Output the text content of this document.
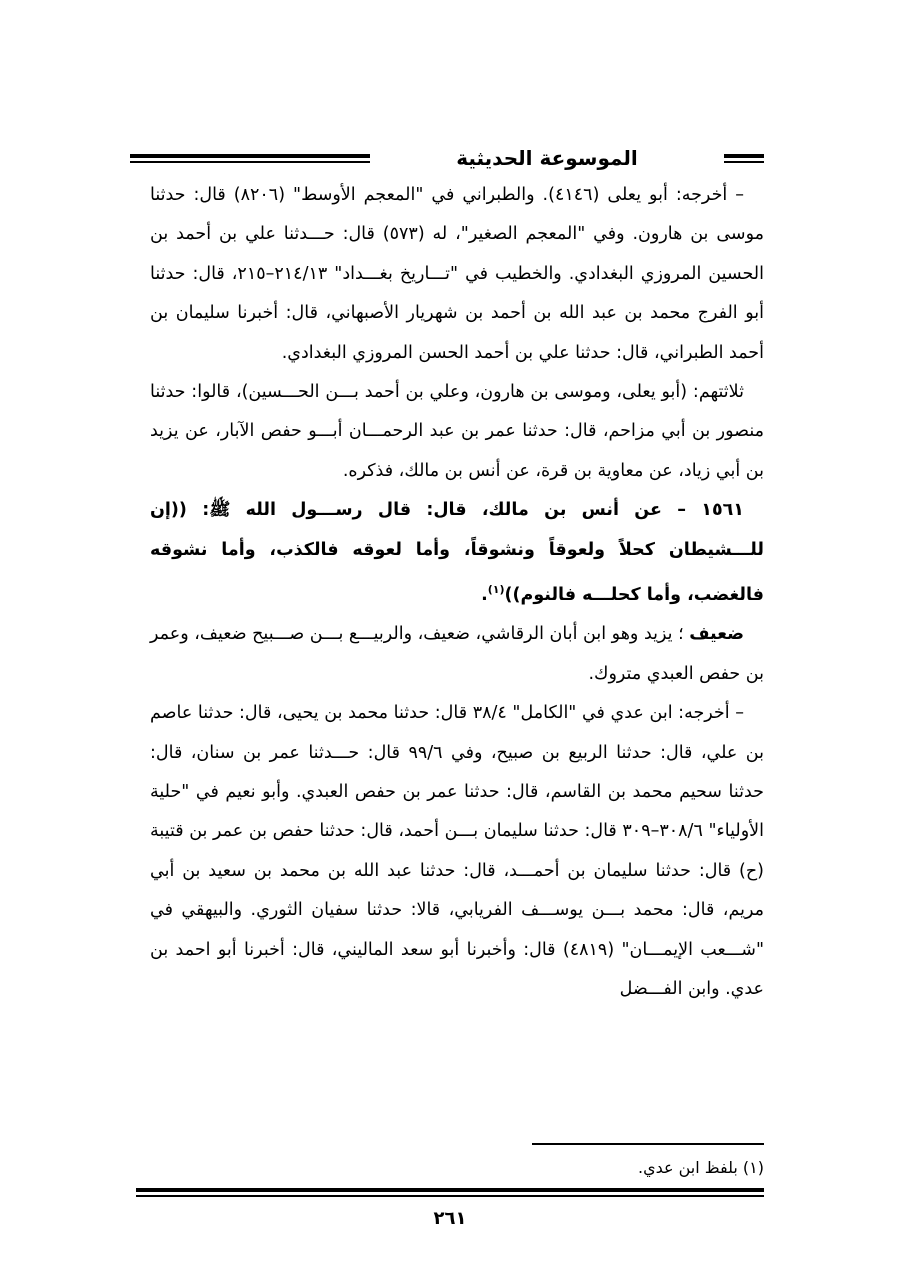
الموسوعة الحديثية

– أخرجه: أبو يعلى (٤١٤٦). والطبراني في "المعجم الأوسط" (٨٢٠٦) قال: حدثنا موسى بن هارون. وفي "المعجم الصغير"، له (٥٧٣) قال: حـــدثنا علي بن أحمد بن الحسين المروزي البغدادي. والخطيب في "تـــاريخ بغـــداد" ٢١٤/١٣–٢١٥، قال: حدثنا أبو الفرج محمد بن عبد الله بن أحمد بن شهريار الأصبهاني، قال: أخبرنا سليمان بن أحمد الطبراني، قال: حدثنا علي بن أحمد الحسن المروزي البغدادي.

ثلاثتهم: (أبو يعلى، وموسى بن هارون، وعلي بن أحمد بـــن الحـــسين)، قالوا: حدثنا منصور بن أبي مزاحم، قال: حدثنا عمر بن عبد الرحمـــان أبـــو حفص الآبار، عن يزيد بن أبي زياد، عن معاوية بن قرة، عن أنس بن مالك، فذكره.

١٥٦١ – عن أنس بن مالك، قال: قال رســـول الله ﷺ: ((إن للـــشيطان كحلاً ولعوقاً ونشوقاً، وأما لعوقه فالكذب، وأما نشوقه فالغضب، وأما كحلـــه فالنوم))$^{(١)}$.

ضعيف ؛ يزيد وهو ابن أبان الرقاشي، ضعيف، والربيـــع بـــن صـــبيح ضعيف، وعمر بن حفص العبدي متروك.

– أخرجه: ابن عدي في "الكامل" ٣٨/٤ قال: حدثنا محمد بن يحيى، قال: حدثنا عاصم بن علي، قال: حدثنا الربيع بن صبيح، وفي ٩٩/٦ قال: حـــدثنا عمر بن سنان، قال: حدثنا سحيم محمد بن القاسم، قال: حدثنا عمر بن حفص العبدي. وأبو نعيم في "حلية الأولياء" ٣٠٨/٦–٣٠٩ قال: حدثنا سليمان بـــن أحمد، قال: حدثنا حفص بن عمر بن قتيبة (ح) قال: حدثنا سليمان بن أحمـــد، قال: حدثنا عبد الله بن محمد بن سعيد بن أبي مريم، قال: محمد بـــن يوســـف الفريابي، قالا: حدثنا سفيان الثوري. والبيهقي في "شـــعب الإيمـــان" (٤٨١٩) قال: وأخبرنا أبو سعد الماليني، قال: أخبرنا أبو احمد بن عدي. وابن الفـــضل

(١) بلفظ ابن عدي.
٢٦١
